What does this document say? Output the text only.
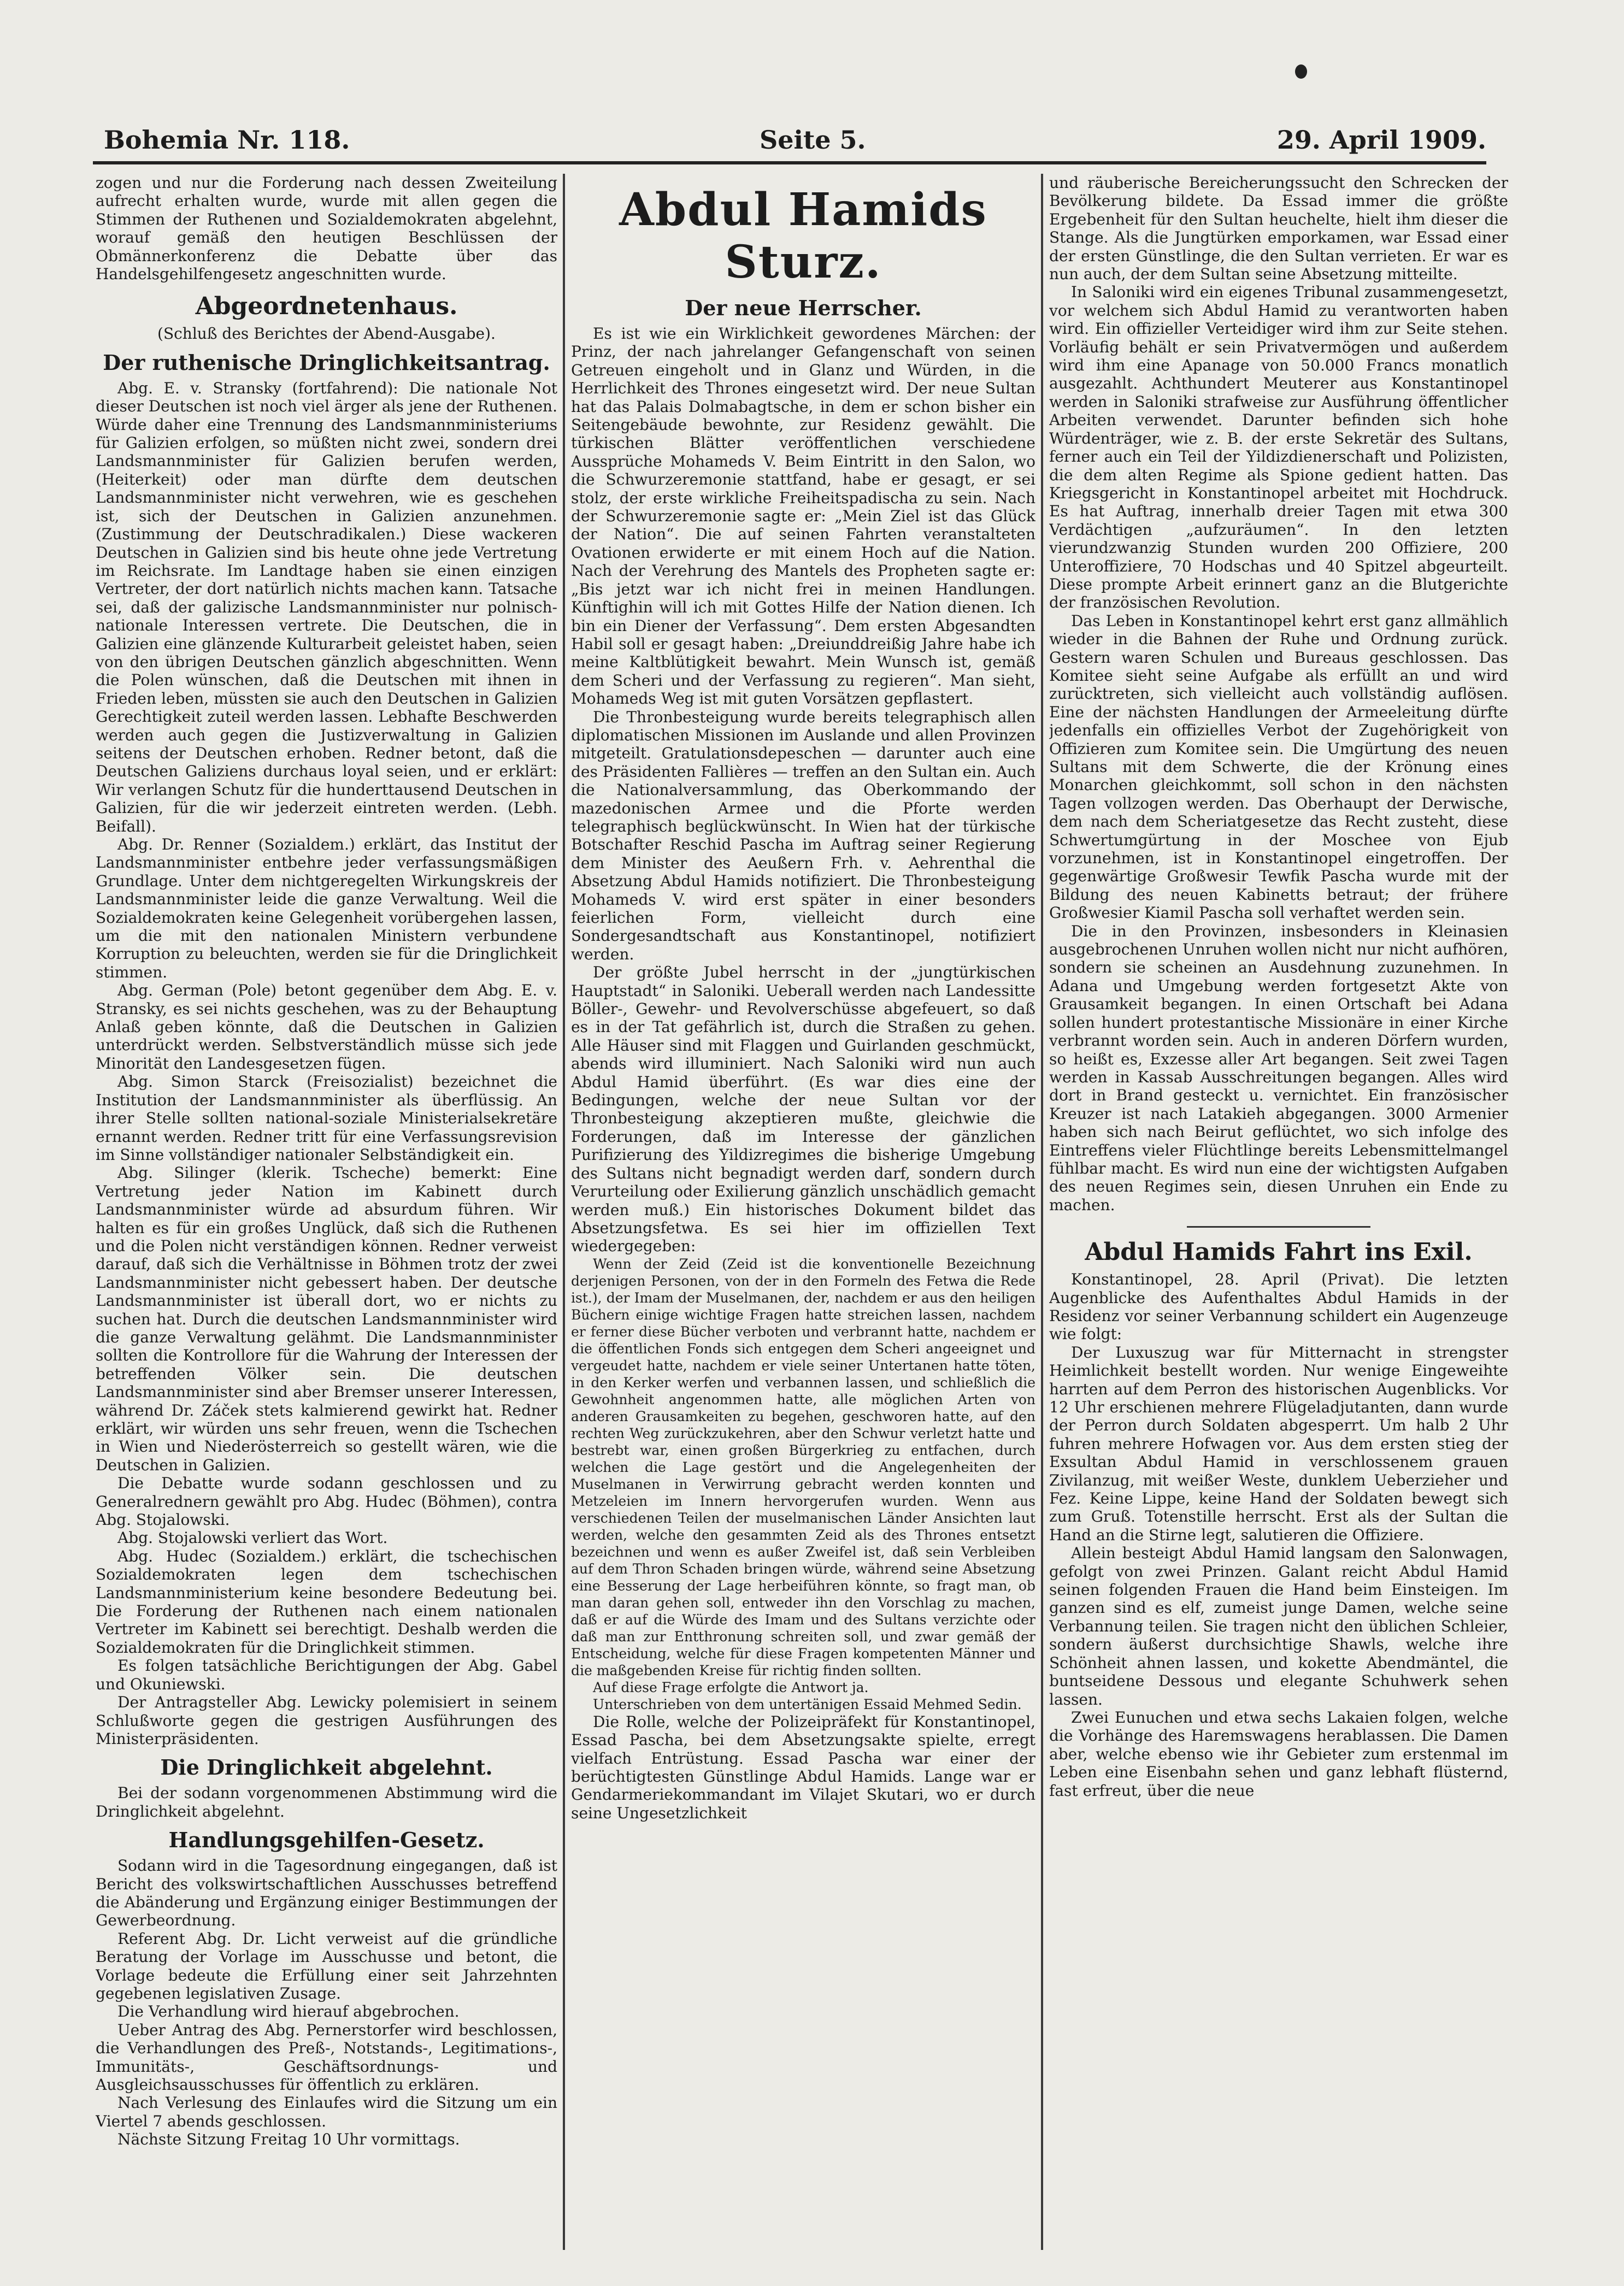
Bohemia Nr. 118.	Seite 5.	29. April 1909.

zogen und nur die Forderung nach dessen Zweiteilung aufrecht erhalten wurde, wurde mit allen gegen die Stimmen der Ruthenen und Sozialdemokraten abgelehnt, worauf gemäß den heutigen Beschlüssen der Obmännerkonferenz die Debatte über das Handelsgehilfengesetz angeschnitten wurde.

Abgeordnetenhaus.
(Schluß des Berichtes der Abend-Ausgabe).
Der ruthenische Dringlichkeitsantrag.

Abg. E. v. Stransky (fortfahrend): Die nationale Not dieser Deutschen ist noch viel ärger als jene der Ruthenen. Würde daher eine Trennung des Landsmannministeriums für Galizien erfolgen, so müßten nicht zwei, sondern drei Landsmannminister für Galizien berufen werden, (Heiterkeit) oder man dürfte dem deutschen Landsmannminister nicht verwehren, wie es geschehen ist, sich der Deutschen in Galizien anzunehmen. (Zustimmung der Deutschradikalen.) Diese wackeren Deutschen in Galizien sind bis heute ohne jede Vertretung im Reichsrate. Im Landtage haben sie einen einzigen Vertreter, der dort natürlich nichts machen kann. Tatsache sei, daß der galizische Landsmannminister nur polnisch-nationale Interessen vertrete. Die Deutschen, die in Galizien eine glänzende Kulturarbeit geleistet haben, seien von den übrigen Deutschen gänzlich abgeschnitten. Wenn die Polen wünschen, daß die Deutschen mit ihnen in Frieden leben, müssten sie auch den Deutschen in Galizien Gerechtigkeit zuteil werden lassen. Lebhafte Beschwerden werden auch gegen die Justizverwaltung in Galizien seitens der Deutschen erhoben. Redner betont, daß die Deutschen Galiziens durchaus loyal seien, und er erklärt: Wir verlangen Schutz für die hunderttausend Deutschen in Galizien, für die wir jederzeit eintreten werden. (Lebh. Beifall).

Abg. Dr. Renner (Sozialdem.) erklärt, das Institut der Landsmannminister entbehre jeder verfassungsmäßigen Grundlage. Unter dem nichtgeregelten Wirkungskreis der Landsmannminister leide die ganze Verwaltung. Weil die Sozialdemokraten keine Gelegenheit vorübergehen lassen, um die mit den nationalen Ministern verbundene Korruption zu beleuchten, werden sie für die Dringlichkeit stimmen.

Abg. German (Pole) betont gegenüber dem Abg. E. v. Stransky, es sei nichts geschehen, was zu der Behauptung Anlaß geben könnte, daß die Deutschen in Galizien unterdrückt werden. Selbstverständlich müsse sich jede Minorität den Landesgesetzen fügen.

Abg. Simon Starck (Freisozialist) bezeichnet die Institution der Landsmannminister als überflüssig. An ihrer Stelle sollten national-soziale Ministerialsekretäre ernannt werden. Redner tritt für eine Verfassungsrevision im Sinne vollständiger nationaler Selbständigkeit ein.

Abg. Silinger (klerik. Tscheche) bemerkt: Eine Vertretung jeder Nation im Kabinett durch Landsmannminister würde ad absurdum führen. Wir halten es für ein großes Unglück, daß sich die Ruthenen und die Polen nicht verständigen können. Redner verweist darauf, daß sich die Verhältnisse in Böhmen trotz der zwei Landsmannminister nicht gebessert haben. Der deutsche Landsmannminister ist überall dort, wo er nichts zu suchen hat. Durch die deutschen Landsmannminister wird die ganze Verwaltung gelähmt. Die Landsmannminister sollten die Kontrollore für die Wahrung der Interessen der betreffenden Völker sein. Die deutschen Landsmannminister sind aber Bremser unserer Interessen, während Dr. Záček stets kalmierend gewirkt hat. Redner erklärt, wir würden uns sehr freuen, wenn die Tschechen in Wien und Niederösterreich so gestellt wären, wie die Deutschen in Galizien.

Die Debatte wurde sodann geschlossen und zu Generalrednern gewählt pro Abg. Hudec (Böhmen), contra Abg. Stojalowski.

Abg. Stojalowski verliert das Wort.

Abg. Hudec (Sozialdem.) erklärt, die tschechischen Sozialdemokraten legen dem tschechischen Landsmannministerium keine besondere Bedeutung bei. Die Forderung der Ruthenen nach einem nationalen Vertreter im Kabinett sei berechtigt. Deshalb werden die Sozialdemokraten für die Dringlichkeit stimmen.

Es folgen tatsächliche Berichtigungen der Abg. Gabel und Okuniewski.

Der Antragsteller Abg. Lewicky polemisiert in seinem Schlußworte gegen die gestrigen Ausführungen des Ministerpräsidenten.

Die Dringlichkeit abgelehnt.

Bei der sodann vorgenommenen Abstimmung wird die Dringlichkeit abgelehnt.

Handlungsgehilfen-Gesetz.

Sodann wird in die Tagesordnung eingegangen, daß ist Bericht des volkswirtschaftlichen Ausschusses betreffend die Abänderung und Ergänzung einiger Bestimmungen der Gewerbeordnung.

Referent Abg. Dr. Licht verweist auf die gründliche Beratung der Vorlage im Ausschusse und betont, die Vorlage bedeute die Erfüllung einer seit Jahrzehnten gegebenen legislativen Zusage.

Die Verhandlung wird hierauf abgebrochen.

Ueber Antrag des Abg. Pernerstorfer wird beschlossen, die Verhandlungen des Preß-, Notstands-, Legitimations-, Immunitäts-, Geschäftsordnungs- und Ausgleichsausschusses für öffentlich zu erklären.

Nach Verlesung des Einlaufes wird die Sitzung um ein Viertel 7 abends geschlossen.

Nächste Sitzung Freitag 10 Uhr vormittags.

Abdul Hamids Sturz.
Der neue Herrscher.

Es ist wie ein Wirklichkeit gewordenes Märchen: der Prinz, der nach jahrelanger Gefangenschaft von seinen Getreuen eingeholt und in Glanz und Würden, in die Herrlichkeit des Thrones eingesetzt wird. Der neue Sultan hat das Palais Dolmabagtsche, in dem er schon bisher ein Seitengebäude bewohnte, zur Residenz gewählt. Die türkischen Blätter veröffentlichen verschiedene Aussprüche Mohameds V. Beim Eintritt in den Salon, wo die Schwurzeremonie stattfand, habe er gesagt, er sei stolz, der erste wirkliche Freiheitspadischa zu sein. Nach der Schwurzeremonie sagte er: „Mein Ziel ist das Glück der Nation“. Die auf seinen Fahrten veranstalteten Ovationen erwiderte er mit einem Hoch auf die Nation. Nach der Verehrung des Mantels des Propheten sagte er: „Bis jetzt war ich nicht frei in meinen Handlungen. Künftighin will ich mit Gottes Hilfe der Nation dienen. Ich bin ein Diener der Verfassung“. Dem ersten Abgesandten Habil soll er gesagt haben: „Dreiunddreißig Jahre habe ich meine Kaltblütigkeit bewahrt. Mein Wunsch ist, gemäß dem Scheri und der Verfassung zu regieren“. Man sieht, Mohameds Weg ist mit guten Vorsätzen gepflastert.

Die Thronbesteigung wurde bereits telegraphisch allen diplomatischen Missionen im Auslande und allen Provinzen mitgeteilt. Gratulationsdepeschen — darunter auch eine des Präsidenten Fallières — treffen an den Sultan ein. Auch die Nationalversammlung, das Oberkommando der mazedonischen Armee und die Pforte werden telegraphisch beglückwünscht. In Wien hat der türkische Botschafter Reschid Pascha im Auftrag seiner Regierung dem Minister des Aeußern Frh. v. Aehrenthal die Absetzung Abdul Hamids notifiziert. Die Thronbesteigung Mohameds V. wird erst später in einer besonders feierlichen Form, vielleicht durch eine Sondergesandtschaft aus Konstantinopel, notifiziert werden.

Der größte Jubel herrscht in der „jungtürkischen Hauptstadt“ in Saloniki. Ueberall werden nach Landessitte Böller-, Gewehr- und Revolverschüsse abgefeuert, so daß es in der Tat gefährlich ist, durch die Straßen zu gehen. Alle Häuser sind mit Flaggen und Guirlanden geschmückt, abends wird illuminiert. Nach Saloniki wird nun auch Abdul Hamid überführt. (Es war dies eine der Bedingungen, welche der neue Sultan vor der Thronbesteigung akzeptieren mußte, gleichwie die Forderungen, daß im Interesse der gänzlichen Purifizierung des Yildizregimes die bisherige Umgebung des Sultans nicht begnadigt werden darf, sondern durch Verurteilung oder Exilierung gänzlich unschädlich gemacht werden muß.) Ein historisches Dokument bildet das Absetzungsfetwa. Es sei hier im offiziellen Text wiedergegeben:

Wenn der Zeid (Zeid ist die konventionelle Bezeichnung derjenigen Personen, von der in den Formeln des Fetwa die Rede ist.), der Imam der Muselmanen, der, nachdem er aus den heiligen Büchern einige wichtige Fragen hatte streichen lassen, nachdem er ferner diese Bücher verboten und verbrannt hatte, nachdem er die öffentlichen Fonds sich entgegen dem Scheri angeeignet und vergeudet hatte, nachdem er viele seiner Untertanen hatte töten, in den Kerker werfen und verbannen lassen, und schließlich die Gewohnheit angenommen hatte, alle möglichen Arten von anderen Grausamkeiten zu begehen, geschworen hatte, auf den rechten Weg zurückzukehren, aber den Schwur verletzt hatte und bestrebt war, einen großen Bürgerkrieg zu entfachen, durch welchen die Lage gestört und die Angelegenheiten der Muselmanen in Verwirrung gebracht werden konnten und Metzeleien im Innern hervorgerufen wurden. Wenn aus verschiedenen Teilen der muselmanischen Länder Ansichten laut werden, welche den gesammten Zeid als des Thrones entsetzt bezeichnen und wenn es außer Zweifel ist, daß sein Verbleiben auf dem Thron Schaden bringen würde, während seine Absetzung eine Besserung der Lage herbeiführen könnte, so fragt man, ob man daran gehen soll, entweder ihn den Vorschlag zu machen, daß er auf die Würde des Imam und des Sultans verzichte oder daß man zur Entthronung schreiten soll, und zwar gemäß der Entscheidung, welche für diese Fragen kompetenten Männer und die maßgebenden Kreise für richtig finden sollten.

Auf diese Frage erfolgte die Antwort ja.

Unterschrieben von dem untertänigen Essaid Mehmed Sedin.

Die Rolle, welche der Polizeipräfekt für Konstantinopel, Essad Pascha, bei dem Absetzungsakte spielte, erregt vielfach Entrüstung. Essad Pascha war einer der berüchtigtesten Günstlinge Abdul Hamids. Lange war er Gendarmeriekommandant im Vilajet Skutari, wo er durch seine Ungesetzlichkeit

und räuberische Bereicherungssucht den Schrecken der Bevölkerung bildete. Da Essad immer die größte Ergebenheit für den Sultan heuchelte, hielt ihm dieser die Stange. Als die Jungtürken emporkamen, war Essad einer der ersten Günstlinge, die den Sultan verrieten. Er war es nun auch, der dem Sultan seine Absetzung mitteilte.

In Saloniki wird ein eigenes Tribunal zusammengesetzt, vor welchem sich Abdul Hamid zu verantworten haben wird. Ein offizieller Verteidiger wird ihm zur Seite stehen. Vorläufig behält er sein Privatvermögen und außerdem wird ihm eine Apanage von 50.000 Francs monatlich ausgezahlt. Achthundert Meuterer aus Konstantinopel werden in Saloniki strafweise zur Ausführung öffentlicher Arbeiten verwendet. Darunter befinden sich hohe Würdenträger, wie z. B. der erste Sekretär des Sultans, ferner auch ein Teil der Yildizdienerschaft und Polizisten, die dem alten Regime als Spione gedient hatten. Das Kriegsgericht in Konstantinopel arbeitet mit Hochdruck. Es hat Auftrag, innerhalb dreier Tagen mit etwa 300 Verdächtigen „aufzuräumen“. In den letzten vierundzwanzig Stunden wurden 200 Offiziere, 200 Unteroffiziere, 70 Hodschas und 40 Spitzel abgeurteilt. Diese prompte Arbeit erinnert ganz an die Blutgerichte der französischen Revolution.

Das Leben in Konstantinopel kehrt erst ganz allmählich wieder in die Bahnen der Ruhe und Ordnung zurück. Gestern waren Schulen und Bureaus geschlossen. Das Komitee sieht seine Aufgabe als erfüllt an und wird zurücktreten, sich vielleicht auch vollständig auflösen. Eine der nächsten Handlungen der Armeeleitung dürfte jedenfalls ein offizielles Verbot der Zugehörigkeit von Offizieren zum Komitee sein. Die Umgürtung des neuen Sultans mit dem Schwerte, die der Krönung eines Monarchen gleichkommt, soll schon in den nächsten Tagen vollzogen werden. Das Oberhaupt der Derwische, dem nach dem Scheriatgesetze das Recht zusteht, diese Schwertumgürtung in der Moschee von Ejub vorzunehmen, ist in Konstantinopel eingetroffen. Der gegenwärtige Großwesir Tewfik Pascha wurde mit der Bildung des neuen Kabinetts betraut; der frühere Großwesier Kiamil Pascha soll verhaftet werden sein.

Die in den Provinzen, insbesonders in Kleinasien ausgebrochenen Unruhen wollen nicht nur nicht aufhören, sondern sie scheinen an Ausdehnung zuzunehmen. In Adana und Umgebung werden fortgesetzt Akte von Grausamkeit begangen. In einen Ortschaft bei Adana sollen hundert protestantische Missionäre in einer Kirche verbrannt worden sein. Auch in anderen Dörfern wurden, so heißt es, Exzesse aller Art begangen. Seit zwei Tagen werden in Kassab Ausschreitungen begangen. Alles wird dort in Brand gesteckt u. vernichtet. Ein französischer Kreuzer ist nach Latakieh abgegangen. 3000 Armenier haben sich nach Beirut geflüchtet, wo sich infolge des Eintreffens vieler Flüchtlinge bereits Lebensmittelmangel fühlbar macht. Es wird nun eine der wichtigsten Aufgaben des neuen Regimes sein, diesen Unruhen ein Ende zu machen.

Abdul Hamids Fahrt ins Exil.

Konstantinopel, 28. April (Privat). Die letzten Augenblicke des Aufenthaltes Abdul Hamids in der Residenz vor seiner Verbannung schildert ein Augenzeuge wie folgt:

Der Luxuszug war für Mitternacht in strengster Heimlichkeit bestellt worden. Nur wenige Eingeweihte harrten auf dem Perron des historischen Augenblicks. Vor 12 Uhr erschienen mehrere Flügeladjutanten, dann wurde der Perron durch Soldaten abgesperrt. Um halb 2 Uhr fuhren mehrere Hofwagen vor. Aus dem ersten stieg der Exsultan Abdul Hamid in verschlossenem grauen Zivilanzug, mit weißer Weste, dunklem Ueberzieher und Fez. Keine Lippe, keine Hand der Soldaten bewegt sich zum Gruß. Totenstille herrscht. Erst als der Sultan die Hand an die Stirne legt, salutieren die Offiziere.

Allein besteigt Abdul Hamid langsam den Salonwagen, gefolgt von zwei Prinzen. Galant reicht Abdul Hamid seinen folgenden Frauen die Hand beim Einsteigen. Im ganzen sind es elf, zumeist junge Damen, welche seine Verbannung teilen. Sie tragen nicht den üblichen Schleier, sondern äußerst durchsichtige Shawls, welche ihre Schönheit ahnen lassen, und kokette Abendmäntel, die buntseidene Dessous und elegante Schuhwerk sehen lassen.

Zwei Eunuchen und etwa sechs Lakaien folgen, welche die Vorhänge des Haremswagens herablassen. Die Damen aber, welche ebenso wie ihr Gebieter zum erstenmal im Leben eine Eisenbahn sehen und ganz lebhaft flüsternd, fast erfreut, über die neue
